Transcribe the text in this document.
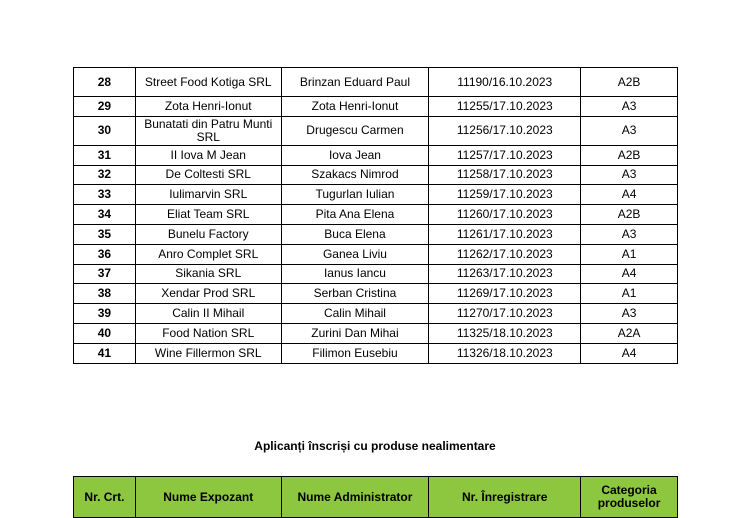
28	Street Food Kotiga SRL	Brinzan Eduard Paul	11190/16.10.2023	A2B
29	Zota Henri-Ionut	Zota Henri-Ionut	11255/17.10.2023	A3
30	Bunatati din Patru Munti SRL	Drugescu Carmen	11256/17.10.2023	A3
31	II Iova M Jean	Iova Jean	11257/17.10.2023	A2B
32	De Coltesti SRL	Szakacs Nimrod	11258/17.10.2023	A3
33	Iulimarvin SRL	Tugurlan Iulian	11259/17.10.2023	A4
34	Eliat Team SRL	Pita Ana Elena	11260/17.10.2023	A2B
35	Bunelu Factory	Buca Elena	11261/17.10.2023	A3
36	Anro Complet SRL	Ganea Liviu	11262/17.10.2023	A1
37	Sikania SRL	Ianus Iancu	11263/17.10.2023	A4
38	Xendar Prod SRL	Serban Cristina	11269/17.10.2023	A1
39	Calin II Mihail	Calin Mihail	11270/17.10.2023	A3
40	Food Nation SRL	Zurini Dan Mihai	11325/18.10.2023	A2A
41	Wine Fillermon SRL	Filimon Eusebiu	11326/18.10.2023	A4
Aplicanți înscriși cu produse nealimentare
Nr. Crt.	Nume Expozant	Nume Administrator	Nr. Înregistrare	Categoria produselor
